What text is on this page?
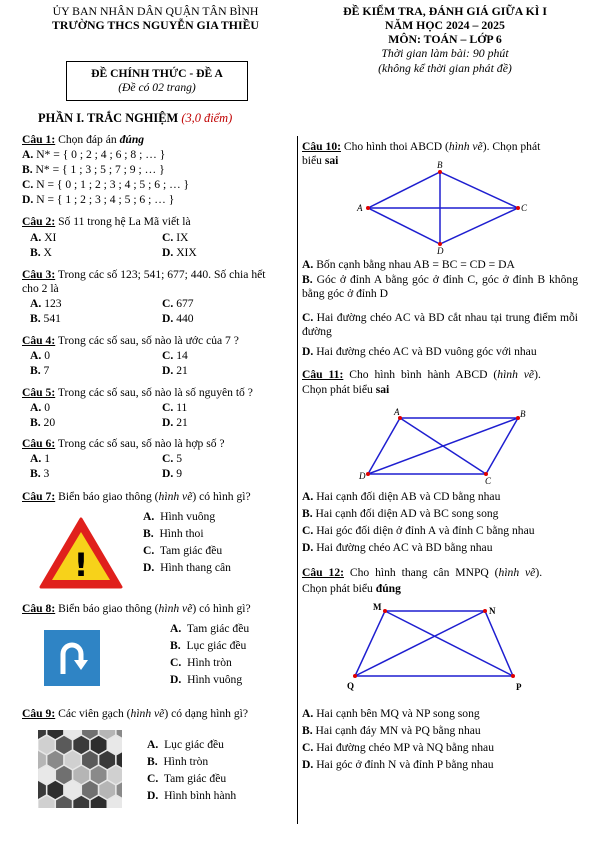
ỦY BAN NHÂN DÂN QUẬN TÂN BÌNH
TRƯỜNG THCS NGUYỄN GIA THIỀU
ĐỀ KIỂM TRA, ĐÁNH GIÁ GIỮA KÌ I
NĂM HỌC 2024 – 2025
MÔN: TOÁN – LỚP 6
Thời gian làm bài: 90 phút
(không kể thời gian phát đề)
ĐỀ CHÍNH THỨC - ĐỀ A
(Đề có 02 trang)
PHẦN I. TRẮC NGHIỆM (3,0 điểm)
Câu 1: Chọn đáp án đúng
A. N* = { 0 ; 2 ; 4 ; 6 ; 8 ; … }
B. N* = { 1 ; 3 ; 5 ; 7 ; 9 ; … }
C. N = { 0 ; 1 ; 2 ; 3 ; 4 ; 5 ; 6 ; … }
D. N = { 1 ; 2 ; 3 ; 4 ; 5 ; 6 ; … }
Câu 2: Số 11 trong hệ La Mã viết là
A. XI	C. IX
B. X	D. XIX
Câu 3: Trong các số 123; 541; 677; 440. Số chia hết
cho 2 là
A. 123	C. 677
B. 541	D. 440
Câu 4: Trong các số sau, số nào là ước của 7 ?
A. 0	C. 14
B. 7	D. 21
Câu 5: Trong các số sau, số nào là số nguyên tố ?
A. 0	C. 11
B. 20	D. 21
Câu 6: Trong các số sau, số nào là hợp số ?
A. 1	C. 5
B. 3	D. 9
Câu 7: Biển báo giao thông (hình vẽ) có hình gì?
!
A. Hình vuông
B. Hình thoi
C. Tam giác đều
D. Hình thang cân
Câu 8: Biển báo giao thông (hình vẽ) có hình gì?
A. Tam giác đều
B. Lục giác đều
C. Hình tròn
D. Hình vuông
Câu 9: Các viên gạch (hình vẽ) có dạng hình gì?
A. Lục giác đều
B. Hình tròn
C. Tam giác đều
D. Hình bình hành
Câu 10: Cho hình thoi ABCD (hình vẽ). Chọn phát
biểu sai
A
B
C
D
A. Bốn cạnh bằng nhau AB = BC = CD = DA
B. Góc ở đỉnh A bằng góc ở đỉnh C, góc ở đỉnh B không bằng góc ở đỉnh D
C. Hai đường chéo AC và BD cắt nhau tại trung điểm mỗi đường
D. Hai đường chéo AC và BD vuông góc với nhau
Câu 11: Cho hình bình hành ABCD (hình vẽ).
Chọn phát biểu sai
A	B
C
D
A. Hai cạnh đối diện AB và CD bằng nhau
B. Hai cạnh đối diện AD và BC song song
C. Hai góc đối diện ở đỉnh A và đỉnh C bằng nhau
D. Hai đường chéo AC và BD bằng nhau
Câu 12: Cho hình thang cân MNPQ (hình vẽ).
Chọn phát biểu đúng
M	N
P
Q
A. Hai cạnh bên MQ và NP song song
B. Hai cạnh đáy MN và PQ bằng nhau
C. Hai đường chéo MP và NQ bằng nhau
D. Hai góc ở đỉnh N và đỉnh P bằng nhau
